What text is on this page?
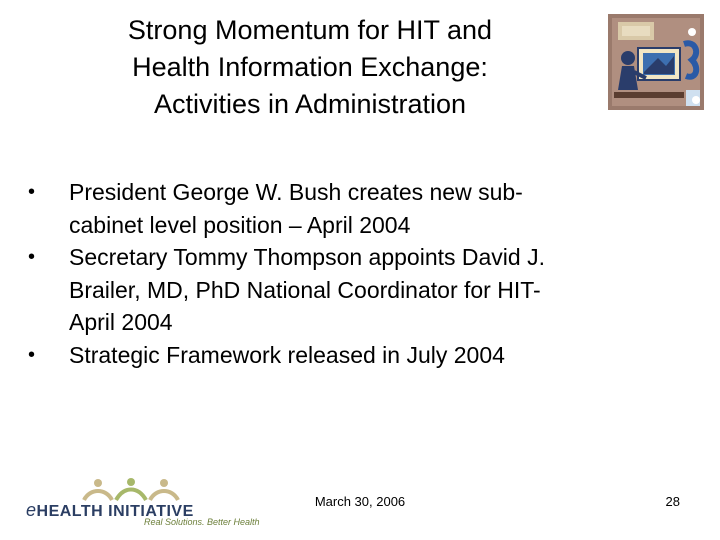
Strong Momentum for HIT and
Health Information Exchange:
Activities in Administration
• President George W. Bush creates new sub-
cabinet level position – April 2004
• Secretary Tommy Thompson appoints David J.
Brailer, MD, PhD National Coordinator for HIT-
April 2004
• Strategic Framework released in July 2004
eHEALTH INITIATIVE
Real Solutions. Better Health
March 30, 2006	28
